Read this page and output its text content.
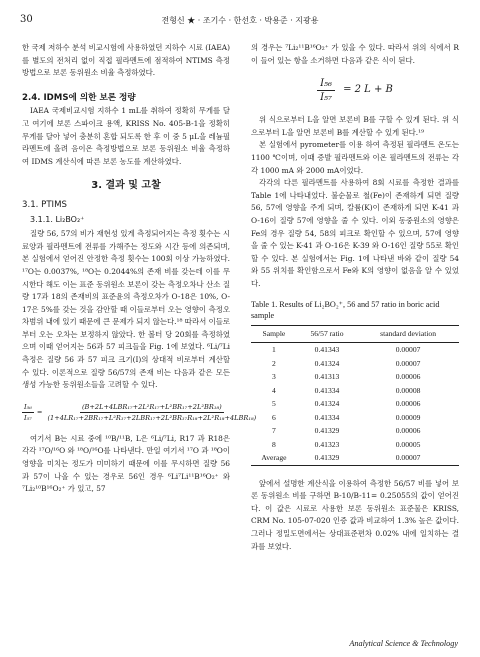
30	전형신 ★ · 조기수 · 한선호 · 박용준 · 지광용

한 국제 저하수 분석 비교시험에 사용하였던 지하수 시료 (IAEA)를 별도의 전처리 없이 직접 필라멘트에 점적하여 NTIMS 측정방법으로 보론 동위원소 비율 측정하였다.

2.4. IDMS에 의한 보론 정량

IAEA 국제비교시험 지하수 1 mL를 취하여 정확히 무게를 달고 여기에 보론 스파이크 용액, KRISS No. 405-B-1을 정확히 무게를 달아 넣어 충분히 혼합 되도록 한 후 이 중 5 μL을 레늄필라멘트에 올려 음이온 측정방법으로 보론 동위원소 비율 측정하여 IDMS 계산식에 따른 보론 농도를 계산하였다.

3. 결과 및 고찰
3.1. PTIMS
3.1.1. Li₂BO₂⁺

질량 56, 57의 비가 재현성 있게 측정되어지는 측정 횟수는 시료양과 필라멘트에 전류를 가해주는 정도와 시간 등에 의존되며, 본 실험에서 얻어진 안정한 측정 횟수는 100회 이상 가능하였다. ¹⁷O는 0.0037%, ¹⁸O는 0.2044%의 존재 비를 갖는데 이를 무시한다 해도 이는 표준 동위원소 보론이 갖는 측정오차나 산소 질량 17과 18의 존재비의 표준윤의 측정오차가 O-18은 10%, O-17은 5%를 갖는 것을 감안할 때 이들로부터 오는 영향이 측정오차범위 내에 있기 때문에 큰 문제가 되지 않는다.¹⁸ 따라서 이들로부터 오는 오차는 보정하지 않았다. 한 볼터 당 20회를 측정하였으며 이때 얻어지는 56과 57 피크들을 Fig. 1에 보였다. ⁶Li/⁷Li 측정은 질량 56 과 57 피크 크기(I)의 상대적 비로부터 계산할 수 있다. 이론적으로 질량 56/57의 존재 비는 다음과 같은 모든 생성 가능한 동위원소들을 고려할 수 있다.

$\frac{\text{I₅₆}}{\text{I₅₇}}$ =
(B+2L+4LBR₁₇+2L²R₁₇+L²BR₁₇+2L²BR₁₈)
(1+4LR₁₇+2BR₁₇+L²R₁₇+2LBR₁₇+2L²BR₁₇R₁₈+2L²R₁₈+4LBR₁₈)

여기서 B는 시료 중에 ¹⁰B/¹¹B, L은 ⁶Li/⁷Li, R17 과 R18은 각각 ¹⁷O/¹⁶O 와 ¹⁸O/¹⁶O를 나타낸다. 만일 여기서 ¹⁷O 과 ¹⁸O이 영향을 미치는 정도가 미미하기 때문에 이를 무시하면 질량 56 과 57이 나올 수 있는 경우로 56인 경우 ⁶Li⁷Li¹¹B¹⁶O₂⁺ 와 ⁷Li₂¹⁰B¹⁶O₂⁺ 가 있고, 57

의 경우는 ⁷Li₂¹¹B¹⁶O₂⁺ 가 있을 수 있다. 따라서 위의 식에서 R이 들어 있는 항을 소거하면 다음과 같은 식이 된다.

$\frac{\text{I₅₆}}{\text{I₅₇}} = 2$ L + B

위 식으로부터 L을 알면 보론비 B를 구할 수 있게 된다. 위 식으로부터 L을 알면 보론비 B를 계산할 수 있게 된다.¹⁹

본 실험에서 pyrometer를 이용 하여 측정된 필라멘트 온도는 1100 ℃이며, 이때 증발 필라멘트와 이온 필라멘트의 전류는 각각 1000 mA 와 2000 mA이었다.

각각의 다른 필라멘트를 사용하여 8회 시료를 측정한 결과를 Table 1에 나타내었다. 불순물로 철(Fe)이 존재하게 되면 질량 56, 57에 영향을 주게 되며, 칼륨(K)이 존재하게 되면 K-41 과 O-16이 질량 57에 영향을 줄 수 있다. 이외 동중원소의 영향은 Fe의 경우 질량 54, 58의 피크로 확인할 수 있으며, 57에 영향을 줄 수 있는 K-41 과 O-16은 K-39 와 O-16인 질량 55로 확인 할 수 있다. 본 실험에서는 Fig. 1에 나타낸 바와 같이 질량 54 와 55 위치를 확인함으로서 Fe와 K의 영향이 없음을 알 수 있었다.

Table 1. Results of Li₂BO₂⁺, 56 and 57 ratio in boric acid sample
Sample	56/57 ratio	standard deviation
1	0.41343	0.00007
2	0.41324	0.00007
3	0.41313	0.00006
4	0.41334	0.00008
5	0.41324	0.00006
6	0.41334	0.00009
7	0.41329	0.00006
8	0.41323	0.00005
Average	0.41329	0.00007

앞에서 설명한 계산식을 이용하여 측정한 56/57 비를 넣어 보론 동위원소 비를 구하면 B-10/B-11= 0.25055의 값이 얻어진다. 이 값은 시료로 사용한 보론 동위원소 표준물은 KRISS, CRM No. 105-07-020 인증 값과 비교하여 1.3% 높은 값이다. 그러나 정밀도면에서는 상대표준편차 0.02% 내에 일치하는 결과를 보였다.

Analytical Science & Technology
